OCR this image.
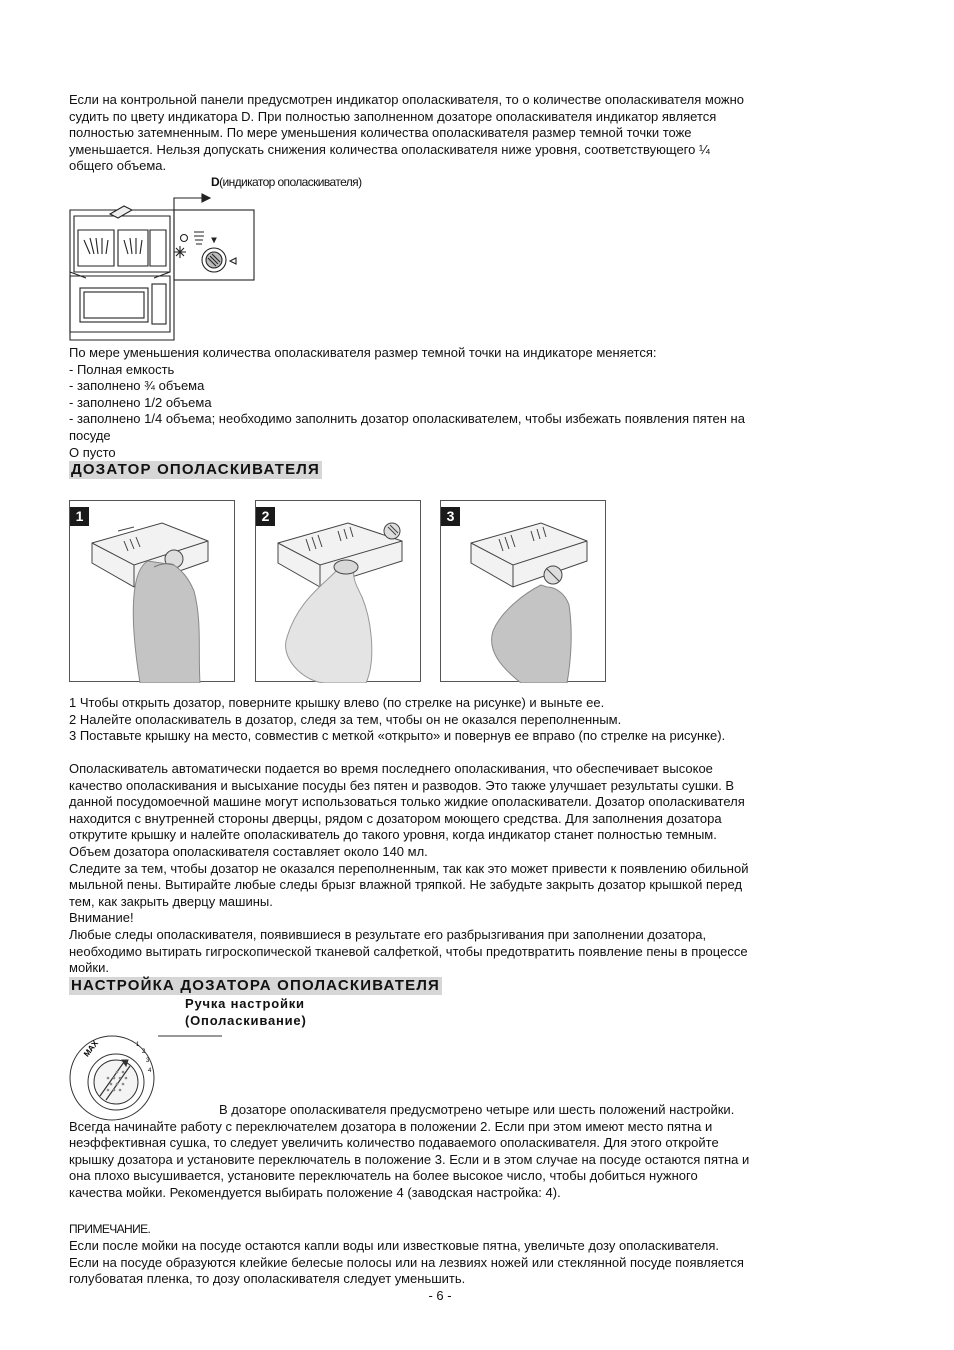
Если на контрольной панели предусмотрен индикатор ополаскивателя, то о количестве ополаскивателя можно

судить по цвету индикатора D. При полностью заполненном дозаторе ополаскивателя индикатор является

полностью затемненным. По мере уменьшения количества ополаскивателя размер темной точки тоже

уменьшается. Нельзя допускать снижения количества ополаскивателя ниже уровня, соответствующего ¼

общего объема.

D(индикатор ополаскивателя)

По мере уменьшения количества ополаскивателя размер темной точки на индикаторе меняется:

- Полная емкость

- заполнено ¾ объема

- заполнено 1/2 объема

- заполнено 1/4 объема; необходимо заполнить дозатор ополаскивателем, чтобы избежать появления пятен на

посуде

О пусто

ДОЗАТОР ОПОЛАСКИВАТЕЛЯ
1	2	3

1 Чтобы открыть дозатор, поверните крышку влево (по стрелке на рисунке) и выньте ее.

2 Налейте ополаскиватель в дозатор, следя за тем, чтобы он не оказался переполненным.

3 Поставьте крышку на место, совместив с меткой «открыто» и повернув ее вправо (по стрелке на рисунке).

Ополаскиватель автоматически подается во время последнего ополаскивания, что обеспечивает высокое

качество ополаскивания и высыхание посуды без пятен и разводов. Это также улучшает результаты сушки. В

данной посудомоечной машине могут использоваться только жидкие ополаскиватели. Дозатор ополаскивателя

находится с внутренней стороны дверцы, рядом с дозатором моющего средства. Для заполнения дозатора

открутите крышку и налейте ополаскиватель до такого уровня, когда индикатор станет полностью темным.

Объем дозатора ополаскивателя составляет около 140 мл.

Следите за тем, чтобы дозатор не оказался переполненным, так как это может привести к появлению обильной

мыльной пены. Вытирайте любые следы брызг влажной тряпкой. Не забудьте закрыть дозатор крышкой перед

тем, как закрыть дверцу машины.

Внимание!

Любые следы ополаскивателя, появившиеся в результате его разбрызгивания при заполнении дозатора,

необходимо вытирать гигроскопической тканевой салфеткой, чтобы предотвратить появление пены в процессе

мойки.

НАСТРОЙКА ДОЗАТОРА ОПОЛАСКИВАТЕЛЯ
Ручка настройки
(Ополаскивание)
MAX	1
2
3
4
В дозаторе ополаскивателя предусмотрено четыре или шесть положений настройки.

Всегда начинайте работу с переключателем дозатора в положении 2. Если при этом имеют место пятна и

неэффективная сушка, то следует увеличить количество подаваемого ополаскивателя. Для этого откройте

крышку дозатора и установите переключатель в положение 3. Если и в этом случае на посуде остаются пятна и

она плохо высушивается, установите переключатель на более высокое число, чтобы добиться нужного

качества мойки. Рекомендуется выбирать положение 4 (заводская настройка: 4).

ПРИМЕЧАНИЕ.

Если после мойки на посуде остаются капли воды или известковые пятна, увеличьте дозу ополаскивателя.

Если на посуде образуются клейкие белесые полосы или на лезвиях ножей или стеклянной посуде появляется

голубоватая пленка, то дозу ополаскивателя следует уменьшить.

- 6 -
